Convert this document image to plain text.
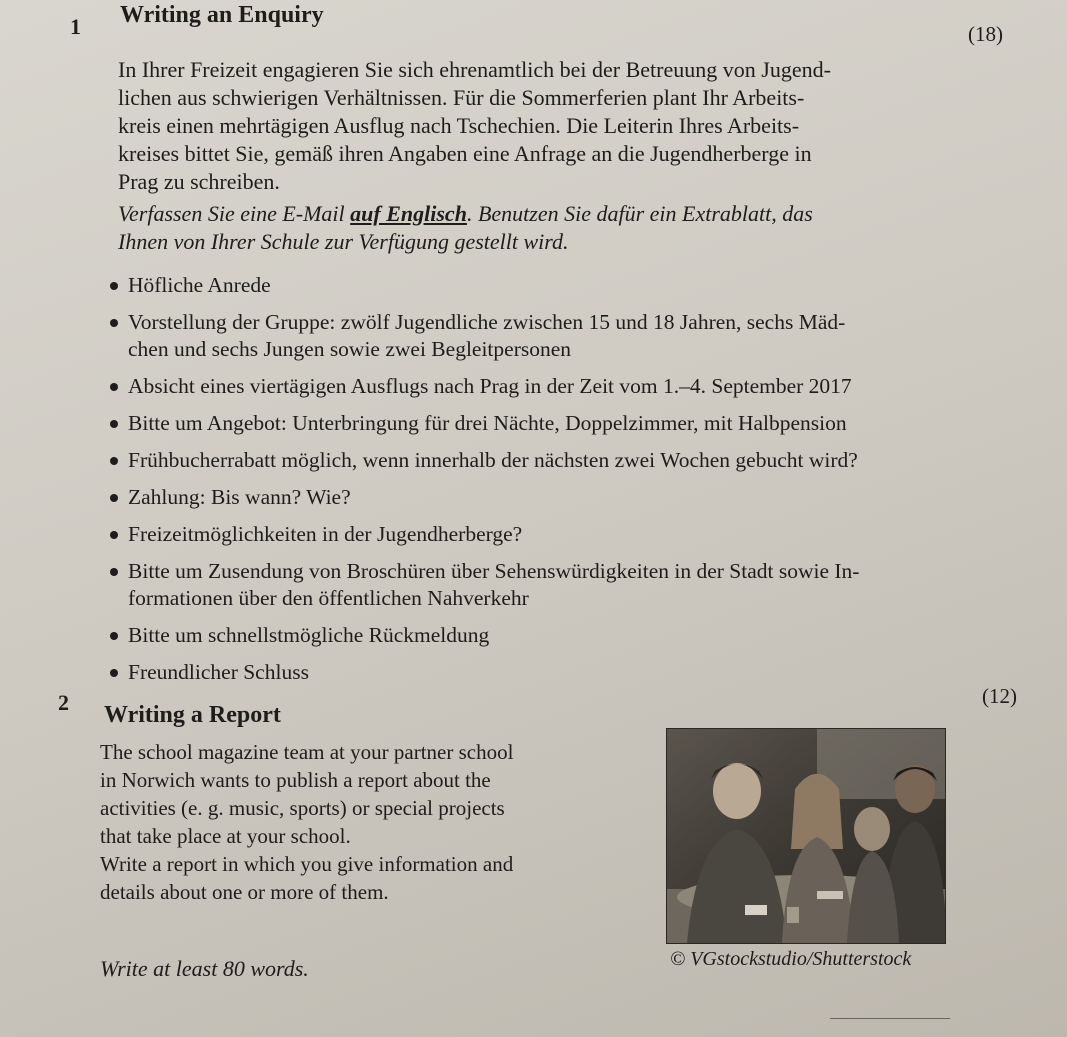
1 Writing an Enquiry
(18)

In Ihrer Freizeit engagieren Sie sich ehrenamtlich bei der Betreuung von Jugend-

lichen aus schwierigen Verhältnissen. Für die Sommerferien plant Ihr Arbeits-

kreis einen mehrtägigen Ausflug nach Tschechien. Die Leiterin Ihres Arbeits-

kreises bittet Sie, gemäß ihren Angaben eine Anfrage an die Jugendherberge in

Prag zu schreiben.

Verfassen Sie eine E-Mail auf Englisch. Benutzen Sie dafür ein Extrablatt, das

Ihnen von Ihrer Schule zur Verfügung gestellt wird.

Höfliche Anrede
Vorstellung der Gruppe: zwölf Jugendliche zwischen 15 und 18 Jahren, sechs Mäd-
chen und sechs Jungen sowie zwei Begleitpersonen
Absicht eines viertägigen Ausflugs nach Prag in der Zeit vom 1.–4. September 2017
Bitte um Angebot: Unterbringung für drei Nächte, Doppelzimmer, mit Halbpension
Frühbucherrabatt möglich, wenn innerhalb der nächsten zwei Wochen gebucht wird?
Zahlung: Bis wann? Wie?
Freizeitmöglichkeiten in der Jugendherberge?
Bitte um Zusendung von Broschüren über Sehenswürdigkeiten in der Stadt sowie In-
formationen über den öffentlichen Nahverkehr
Bitte um schnellstmögliche Rückmeldung
Freundlicher Schluss
(12)
2 Writing a Report

The school magazine team at your partner school

in Norwich wants to publish a report about the

activities (e. g. music, sports) or special projects

that take place at your school.

Write a report in which you give information and

details about one or more of them.

Write at least 80 words.	© VGstockstudio/Shutterstock
